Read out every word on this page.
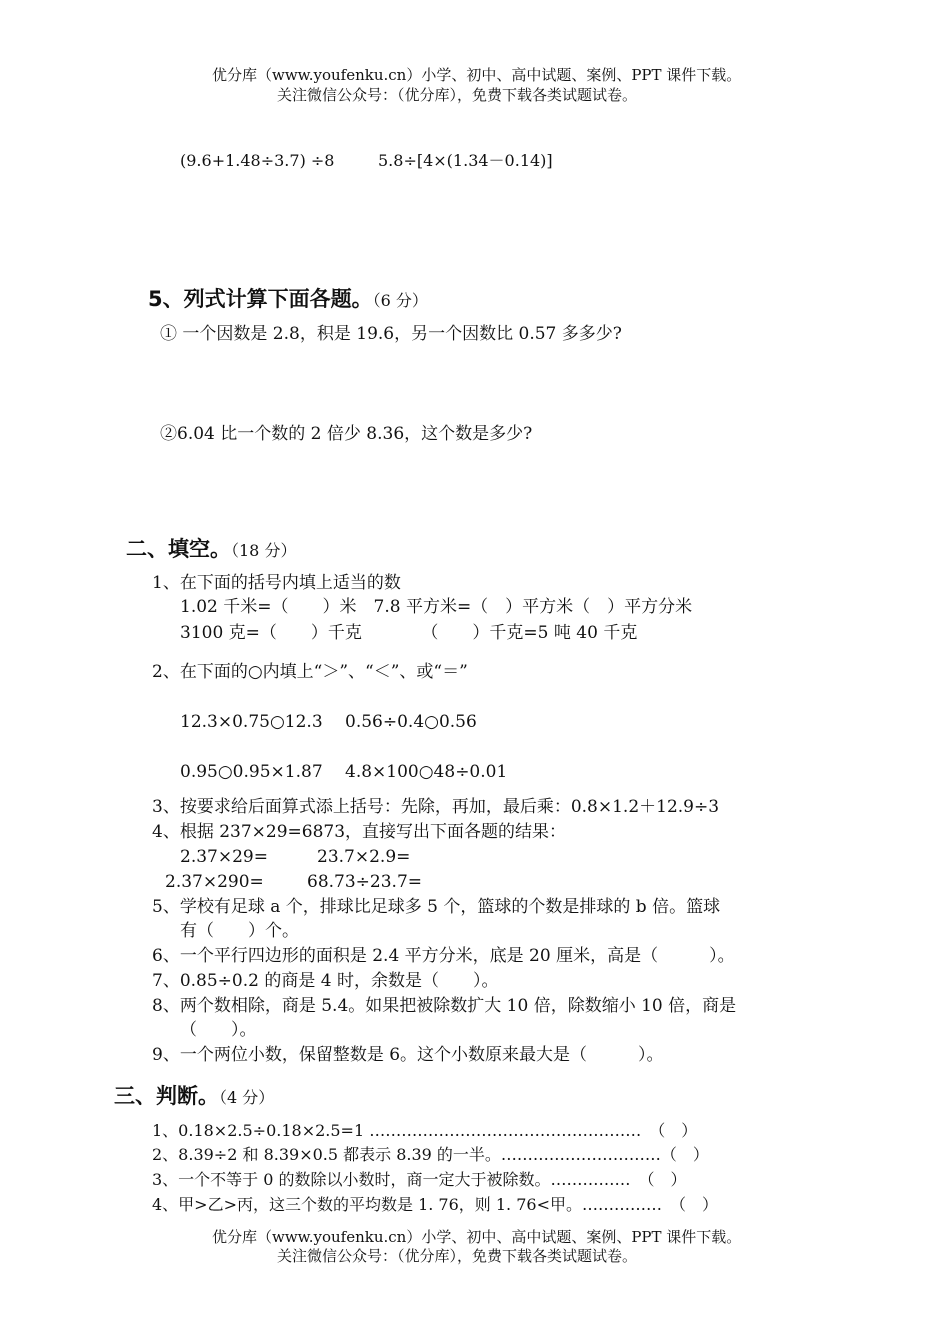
优分库（www.youfenku.cn）小学、初中、高中试题、案例、PPT 课件下载。
关注微信公众号：（优分库），免费下载各类试题试卷。
(9.6+1.48÷3.7) ÷8	5.8÷[4×(1.34－0.14)]
5、列式计算下面各题。（6 分）
① 一个因数是 2.8，积是 19.6，另一个因数比 0.57 多多少?
②6.04 比一个数的 2 倍少 8.36，这个数是多少?
二、填空。（18 分）
1、在下面的括号内填上适当的数
1.02 千米=（　　）米　7.8 平方米=（　）平方米（　）平方分米
3100 克=（　　）千克　　　　（　　）千克=5 吨 40 千克
2、在下面的○内填上“＞”、“＜”、或“＝”
12.3×0.75○12.3 0.56÷0.4○0.56
0.95○0.95×1.87 4.8×100○48÷0.01
3、按要求给后面算式添上括号：先除，再加，最后乘：0.8×1.2＋12.9÷3
4、根据 237×29=6873，直接写出下面各题的结果：
2.37×29=	23.7×2.9=
2.37×290=	68.73÷23.7=
5、学校有足球 a 个，排球比足球多 5 个，篮球的个数是排球的 b 倍。篮球
有（　　）个。
6、一个平行四边形的面积是 2.4 平方分米，底是 20 厘米，高是（　　　）。
7、0.85÷0.2 的商是 4 时，余数是（　　）。
8、两个数相除，商是 5.4。如果把被除数扩大 10 倍，除数缩小 10 倍，商是
（　　）。
9、一个两位小数，保留整数是 6。这个小数原来最大是（　　　）。
三、判断。（4 分）
1、0.18×2.5÷0.18×2.5=1 ……………………………………………　（　）
2、8.39÷2 和 8.39×0.5 都表示 8.39 的一半。…………………………（　）
3、一个不等于 0 的数除以小数时，商一定大于被除数。……………　（　）
4、甲>乙>丙，这三个数的平均数是 1. 76，则 1. 76<甲。……………　（　）
优分库（www.youfenku.cn）小学、初中、高中试题、案例、PPT 课件下载。
关注微信公众号：（优分库），免费下载各类试题试卷。
